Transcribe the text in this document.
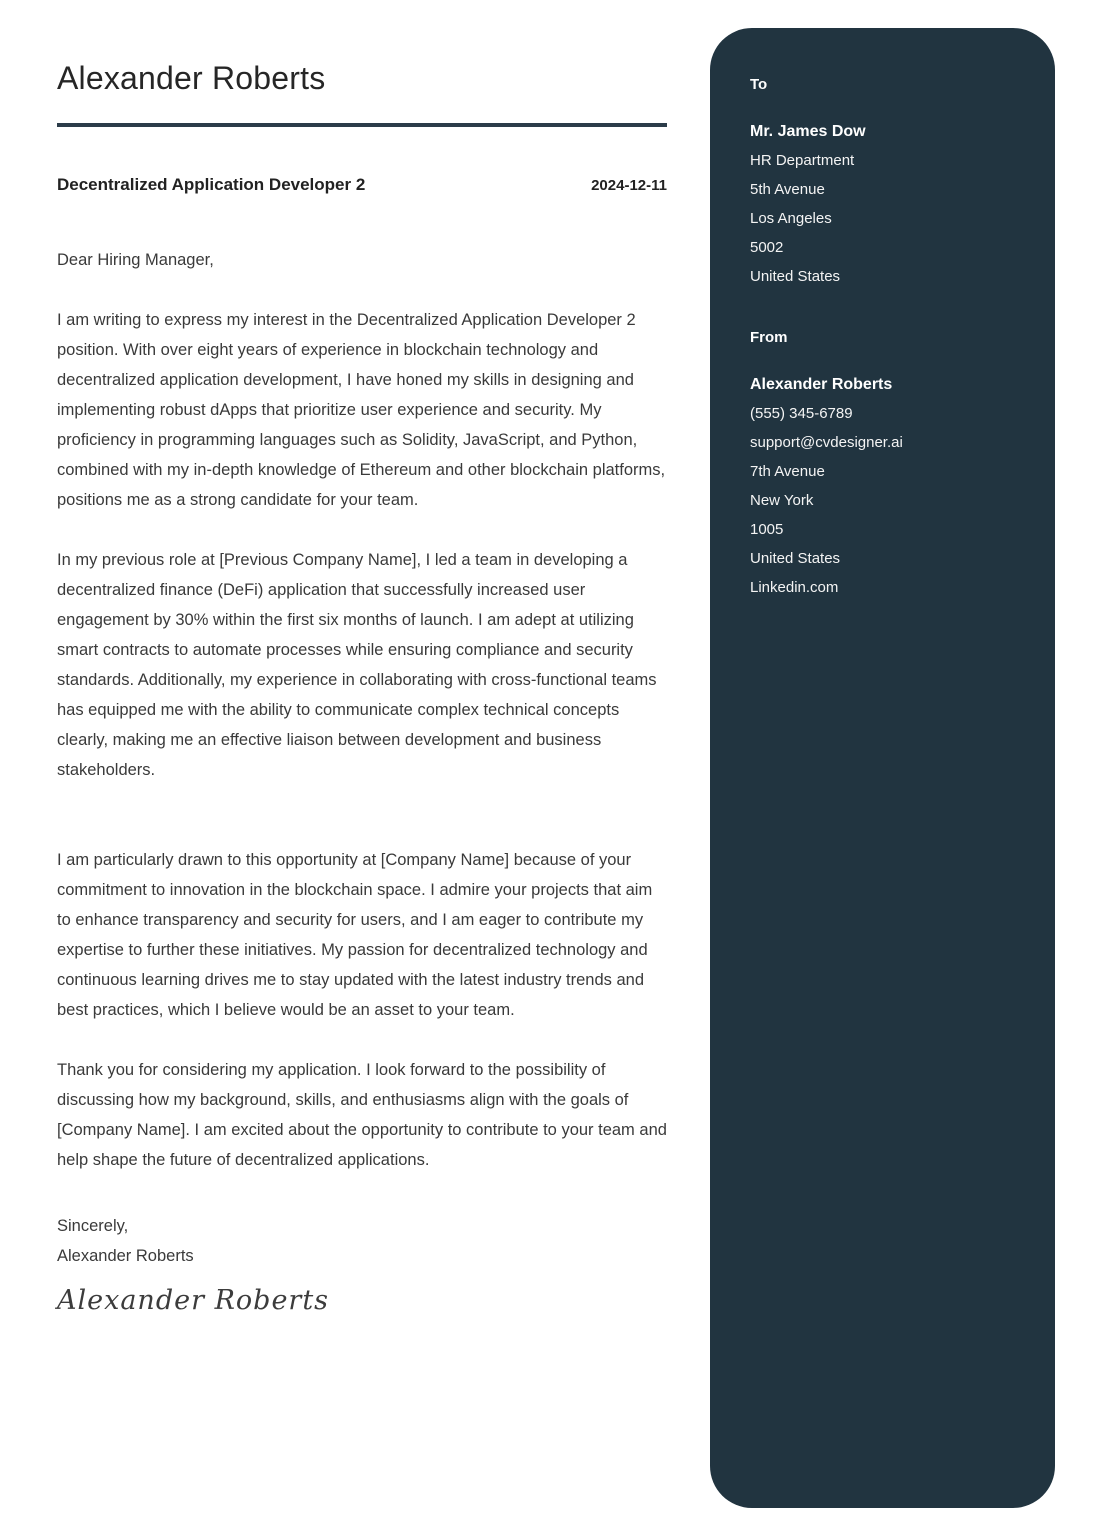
Alexander Roberts
Decentralized Application Developer 2	2024-12-11
Dear Hiring Manager,

I am writing to express my interest in the Decentralized Application Developer 2 position. With over eight years of experience in blockchain technology and decentralized application development, I have honed my skills in designing and implementing robust dApps that prioritize user experience and security. My proficiency in programming languages such as Solidity, JavaScript, and Python, combined with my in-depth knowledge of Ethereum and other blockchain platforms, positions me as a strong candidate for your team.

In my previous role at [Previous Company Name], I led a team in developing a decentralized finance (DeFi) application that successfully increased user engagement by 30% within the first six months of launch. I am adept at utilizing smart contracts to automate processes while ensuring compliance and security standards. Additionally, my experience in collaborating with cross-functional teams has equipped me with the ability to communicate complex technical concepts clearly, making me an effective liaison between development and business stakeholders.

I am particularly drawn to this opportunity at [Company Name] because of your commitment to innovation in the blockchain space. I admire your projects that aim to enhance transparency and security for users, and I am eager to contribute my expertise to further these initiatives. My passion for decentralized technology and continuous learning drives me to stay updated with the latest industry trends and best practices, which I believe would be an asset to your team.

Thank you for considering my application. I look forward to the possibility of discussing how my background, skills, and enthusiasms align with the goals of [Company Name]. I am excited about the opportunity to contribute to your team and help shape the future of decentralized applications.

Sincerely,
Alexander Roberts
Alexander Roberts
To
Mr. James Dow
HR Department
5th Avenue
Los Angeles
5002
United States
From
Alexander Roberts
(555) 345-6789
support@cvdesigner.ai
7th Avenue
New York
1005
United States
Linkedin.com
